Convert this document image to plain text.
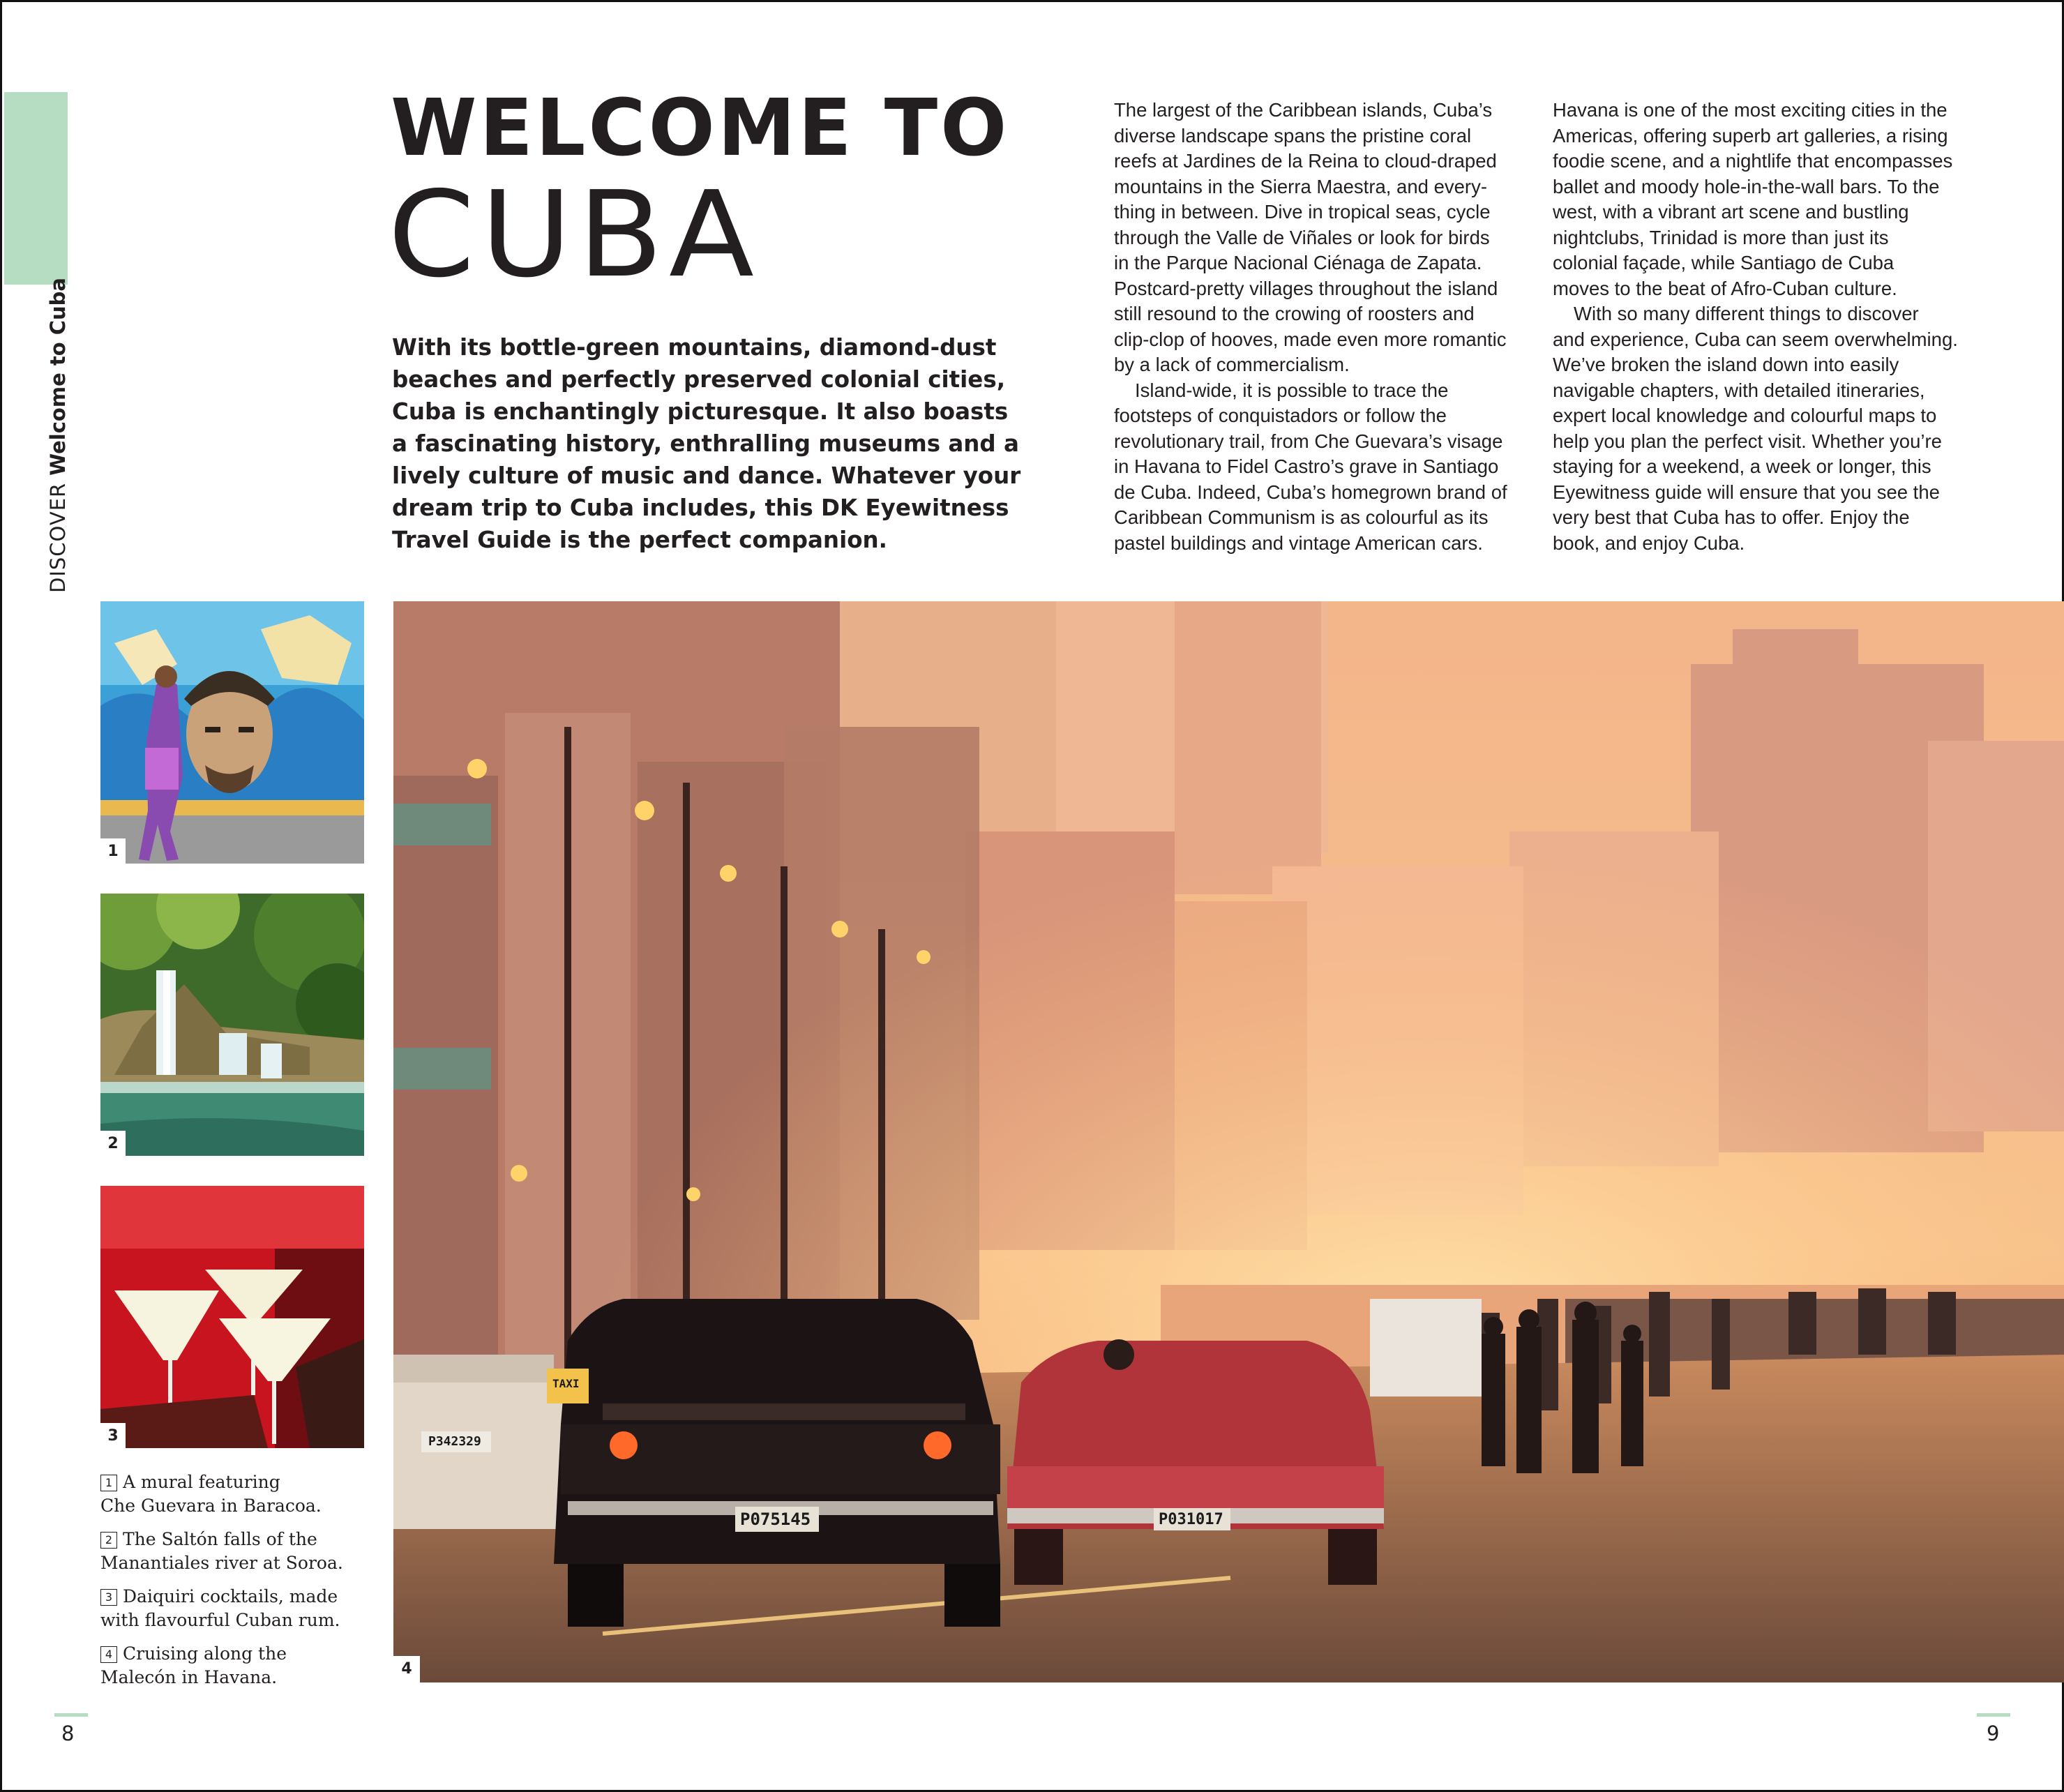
DISCOVERWelcome to Cuba
WELCOME TO
CUBA
With its bottle-green mountains, diamond-dust
beaches and perfectly preserved colonial cities,
Cuba is enchantingly picturesque. It also boasts
a fascinating history, enthralling museums and a
lively culture of music and dance. Whatever your
dream trip to Cuba includes, this DK Eyewitness
Travel Guide is the perfect companion.
The largest of the Caribbean islands, Cuba’s
diverse landscape spans the pristine coral
reefs at Jardines de la Reina to cloud-draped
mountains in the Sierra Maestra, and every-
thing in between. Dive in tropical seas, cycle
through the Valle de Viñales or look for birds
in the Parque Nacional Ciénaga de Zapata.
Postcard-pretty villages throughout the island
still resound to the crowing of roosters and
clip-clop of hooves, made even more romantic
by a lack of commercialism.
Island-wide, it is possible to trace the
footsteps of conquistadors or follow the
revolutionary trail, from Che Guevara’s visage
in Havana to Fidel Castro’s grave in Santiago
de Cuba. Indeed, Cuba’s homegrown brand of
Caribbean Communism is as colourful as its
pastel buildings and vintage American cars.
Havana is one of the most exciting cities in the
Americas, offering superb art galleries, a rising
foodie scene, and a nightlife that encompasses
ballet and moody hole-in-the-wall bars. To the
west, with a vibrant art scene and bustling
nightclubs, Trinidad is more than just its
colonial façade, while Santiago de Cuba
moves to the beat of Afro-Cuban culture.
With so many different things to discover
and experience, Cuba can seem overwhelming.
We’ve broken the island down into easily
navigable chapters, with detailed itineraries,
expert local knowledge and colourful maps to
help you plan the perfect visit. Whether you’re
staying for a weekend, a week or longer, this
Eyewitness guide will ensure that you see the
very best that Cuba has to offer. Enjoy the
book, and enjoy Cuba.
1
2
3
P075145	P031017
P342329
TAXI
4
1 A mural featuring
Che Guevara in Baracoa.
2 The Saltón falls of the
Manantiales river at Soroa.
3 Daiquiri cocktails, made
with flavourful Cuban rum.
4 Cruising along the
Malecón in Havana.
8	9
